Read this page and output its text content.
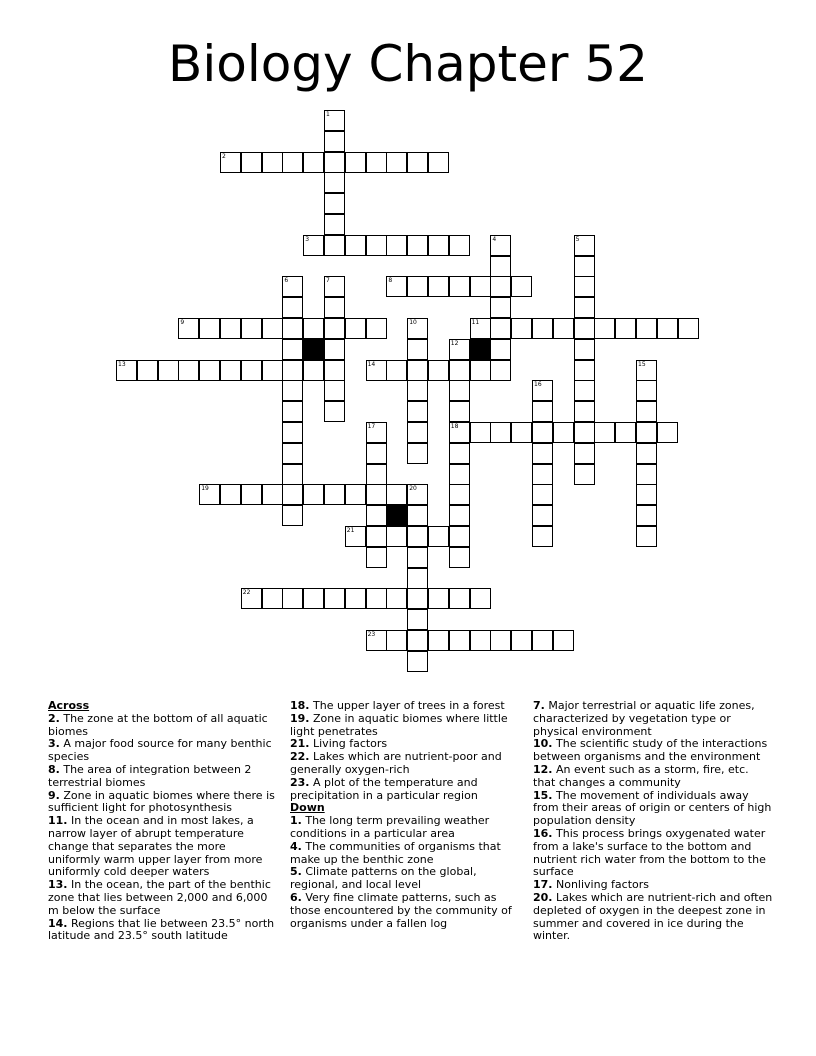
Biology Chapter 52
1
2
3	4	5
6	7	8
9	10	11
12
18
13	14	15
16
17
19	20
21
22
23

Across

2. The zone at the bottom of all aquatic biomes

3. A major food source for many benthic species

8. The area of integration between 2 terrestrial biomes

9. Zone in aquatic biomes where there is sufficient light for photosynthesis

11. In the ocean and in most lakes, a narrow layer of abrupt temperature change that separates the more uniformly warm upper layer from more uniformly cold deeper waters

13. In the ocean, the part of the benthic zone that lies between 2,000 and 6,000 m below the surface

14. Regions that lie between 23.5° north latitude and 23.5° south latitude

18. The upper layer of trees in a forest

19. Zone in aquatic biomes where little light penetrates

21. Living factors

22. Lakes which are nutrient-poor and generally oxygen-rich

23. A plot of the temperature and precipitation in a particular region

Down

1. The long term prevailing weather conditions in a particular area

4. The communities of organisms that make up the benthic zone

5. Climate patterns on the global, regional, and local level

6. Very fine climate patterns, such as those encountered by the community of organisms under a fallen log

7. Major terrestrial or aquatic life zones, characterized by vegetation type or physical environment

10. The scientific study of the interactions between organisms and the environment

12. An event such as a storm, fire, etc. that changes a community

15. The movement of individuals away from their areas of origin or centers of high population density

16. This process brings oxygenated water from a lake's surface to the bottom and nutrient rich water from the bottom to the surface

17. Nonliving factors

20. Lakes which are nutrient-rich and often depleted of oxygen in the deepest zone in summer and covered in ice during the winter.
